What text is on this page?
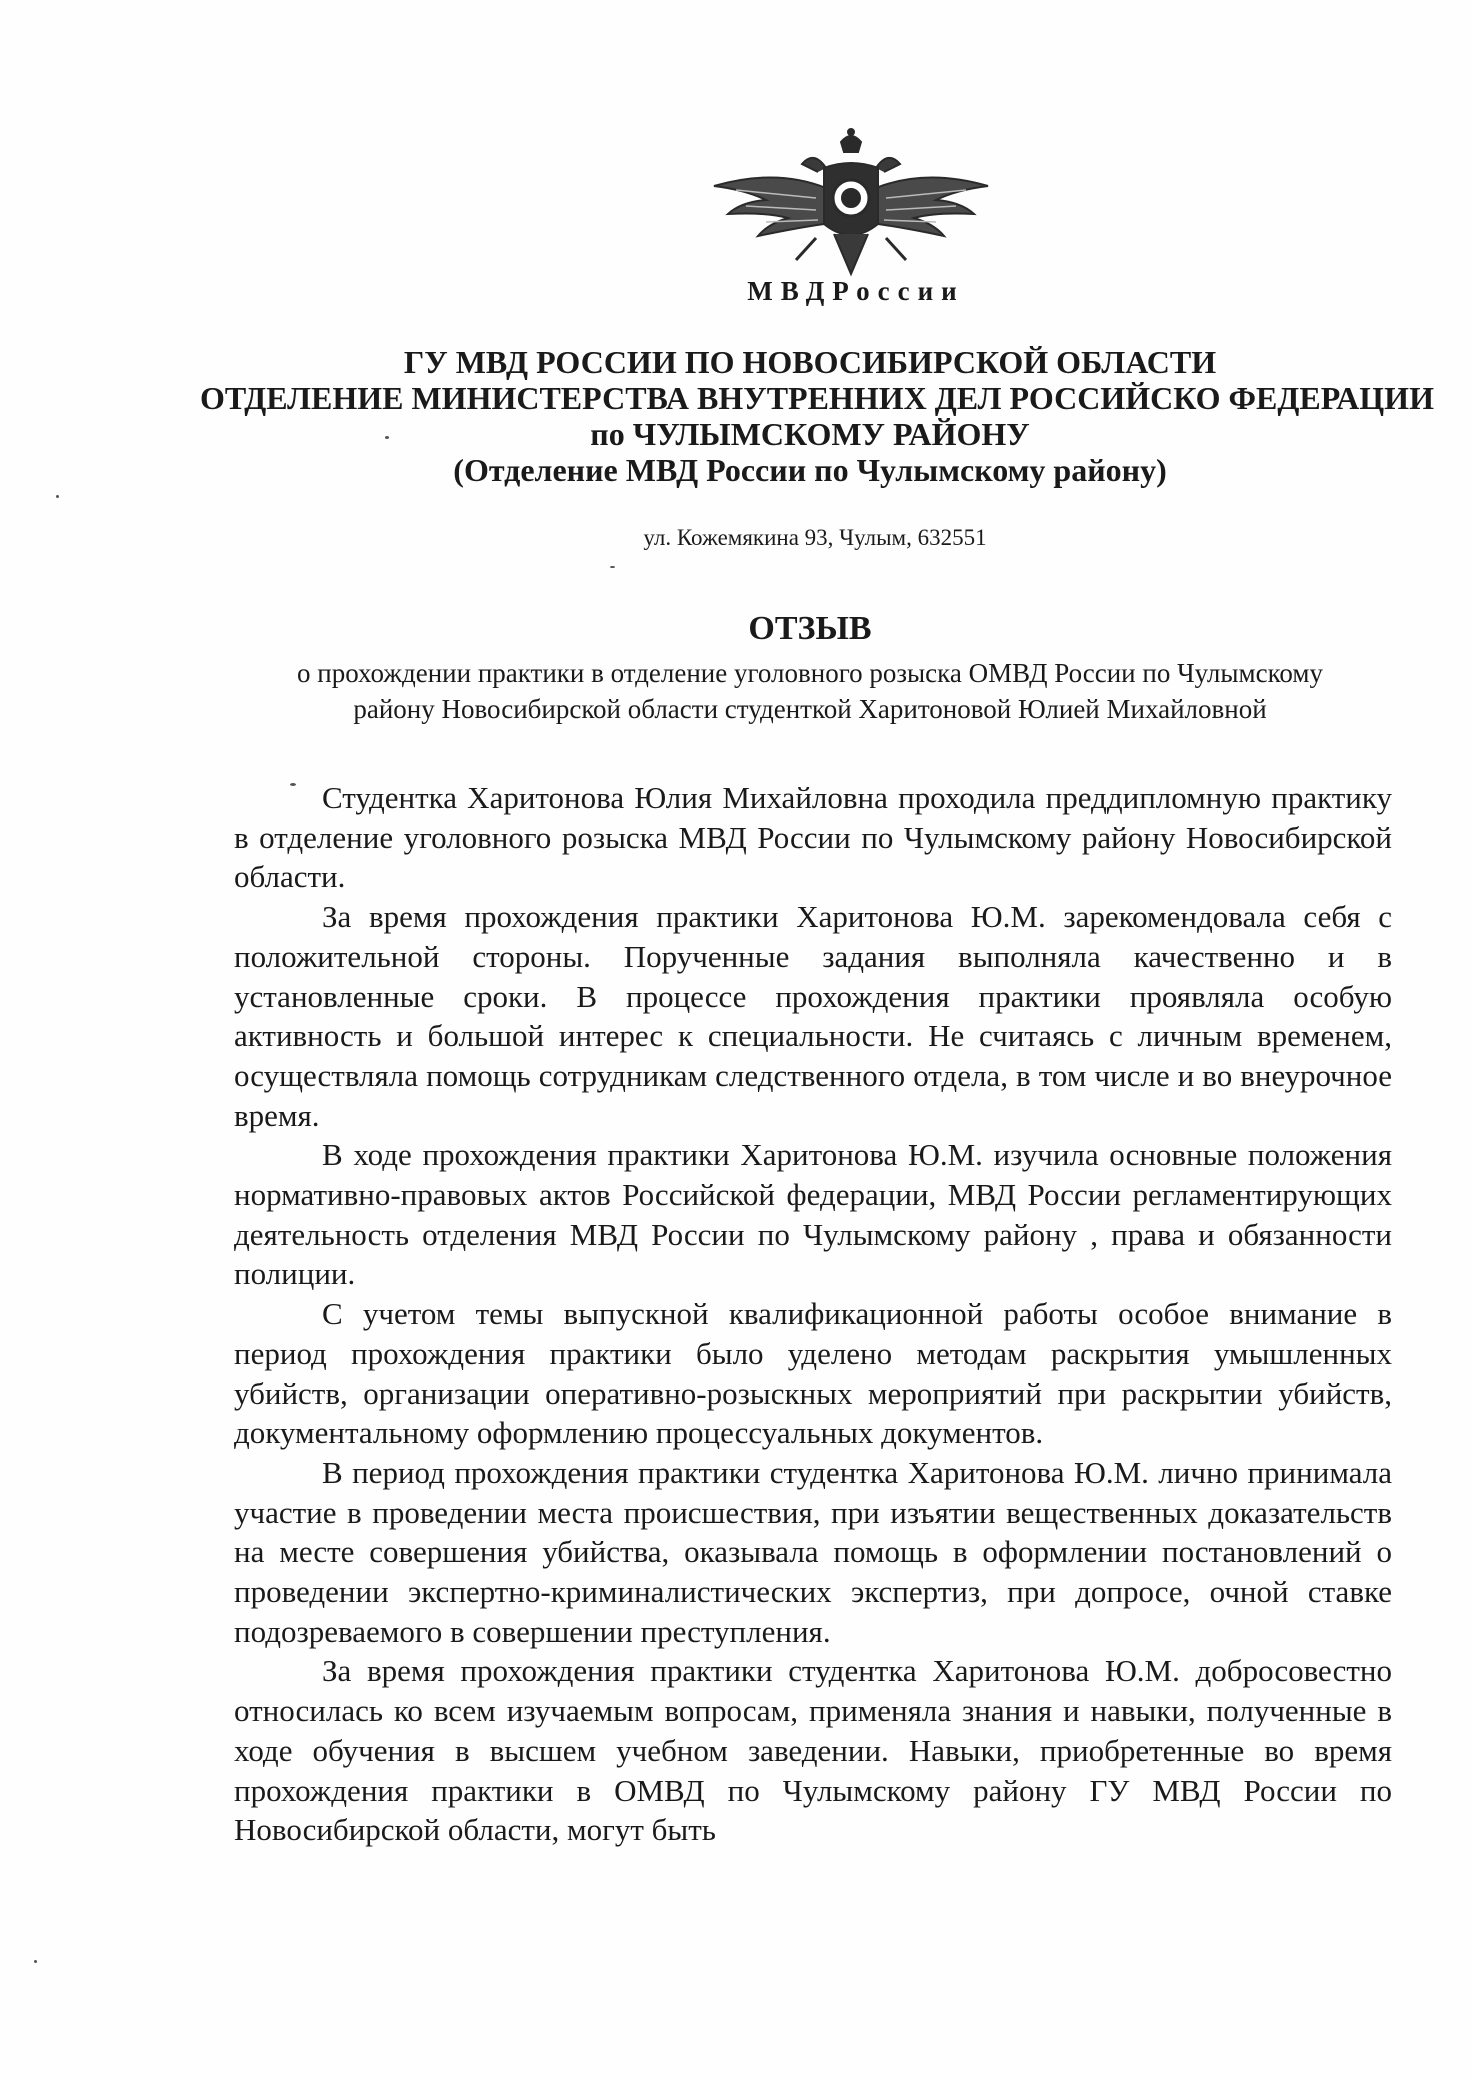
МВДРоссии
ГУ МВД РОССИИ ПО НОВОСИБИРСКОЙ ОБЛАСТИ
ОТДЕЛЕНИЕ МИНИСТЕРСТВА ВНУТРЕННИХ ДЕЛ РОССИЙСКО ФЕДЕРАЦИИ
по ЧУЛЫМСКОМУ РАЙОНУ
(Отделение МВД России по Чулымскому району)
ул. Кожемякина 93, Чулым, 632551
ОТЗЫВ
о прохождении практики в отделение уголовного розыска ОМВД России по Чулымскому
району Новосибирской области студенткой Харитоновой Юлией Михайловной

Студентка Харитонова Юлия Михайловна проходила преддипломную практику в отделение уголовного розыска МВД России по Чулымскому району Новосибирской области.

За время прохождения практики Харитонова Ю.М. зарекомендовала себя с положительной стороны. Порученные задания выполняла качественно и в установленные сроки. В процессе прохождения практики проявляла особую активность и большой интерес к специальности. Не считаясь с личным временем, осуществляла помощь сотрудникам следственного отдела, в том числе и во внеурочное время.

В ходе прохождения практики Харитонова Ю.М. изучила основные положения нормативно-правовых актов Российской федерации, МВД России регламентирующих деятельность отделения МВД России по Чулымскому району , права и обязанности полиции.

С учетом темы выпускной квалификационной работы особое внимание в период прохождения практики было уделено методам раскрытия умышленных убийств, организации оперативно-розыскных мероприятий при раскрытии убийств, документальному оформлению процессуальных документов.

В период прохождения практики студентка Харитонова Ю.М. лично принимала участие в проведении места происшествия, при изъятии вещественных доказательств на месте совершения убийства, оказывала помощь в оформлении постановлений о проведении экспертно-криминалистических экспертиз, при допросе, очной ставке подозреваемого в совершении преступления.

За время прохождения практики студентка Харитонова Ю.М. добросовестно относилась ко всем изучаемым вопросам, применяла знания и навыки, полученные в ходе обучения в высшем учебном заведении. Навыки, приобретенные во время прохождения практики в ОМВД по Чулымскому району ГУ МВД России по Новосибирской области, могут быть
